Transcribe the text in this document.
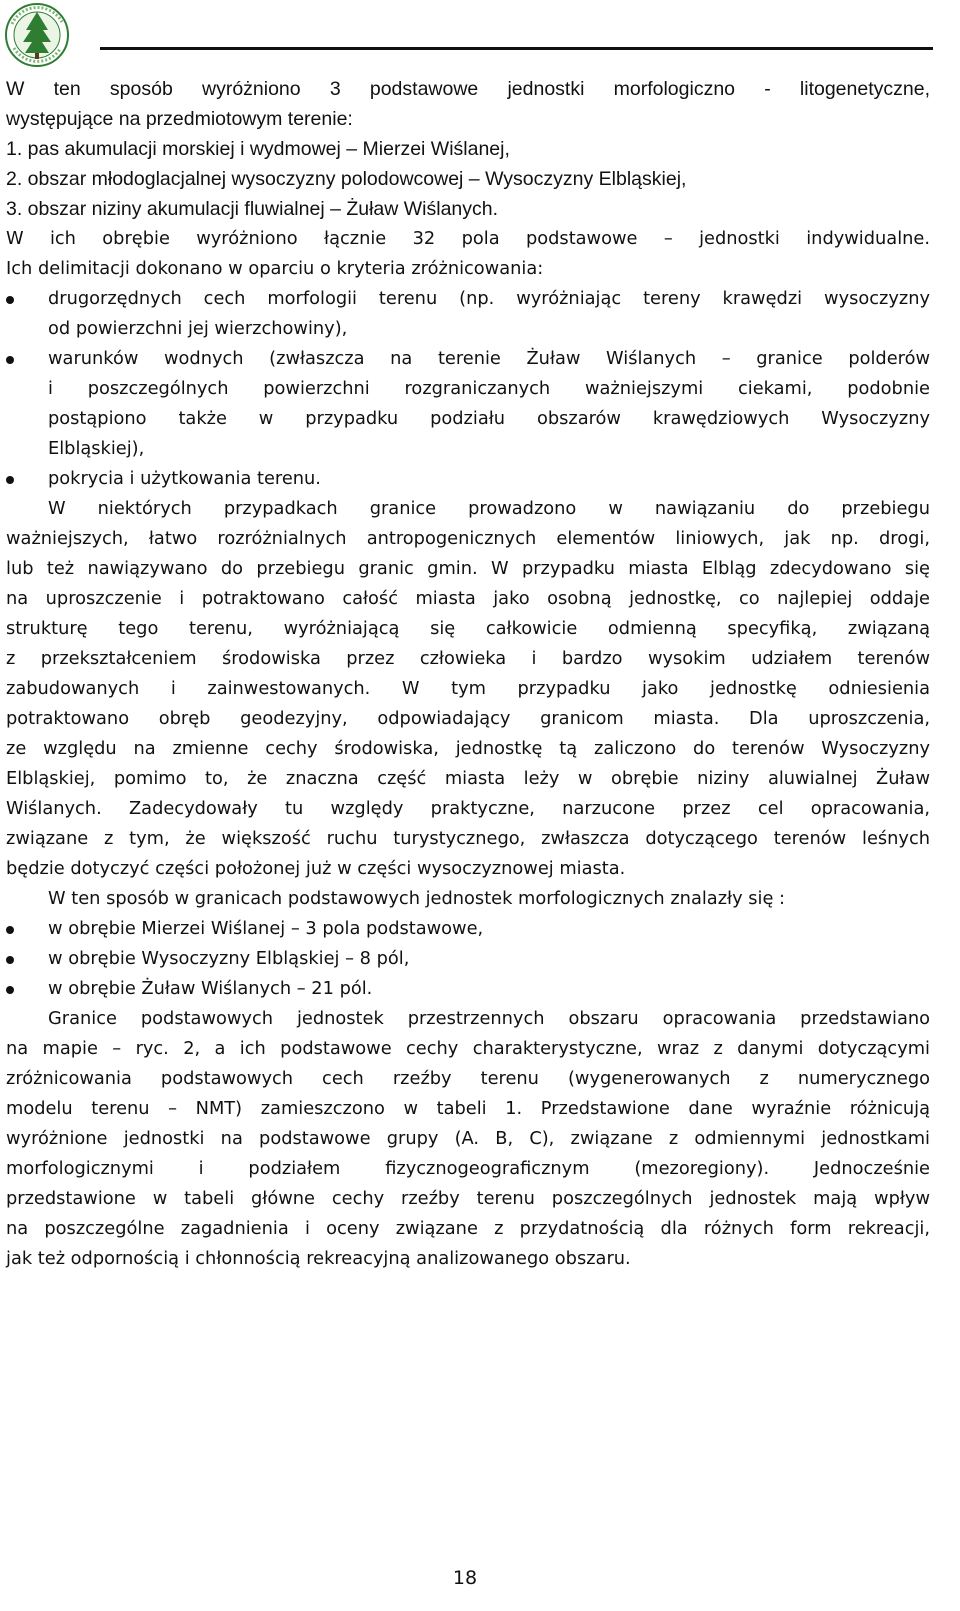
W ten sposób wyróżniono 3 podstawowe jednostki morfologiczno - litogenetyczne,
występujące na przedmiotowym terenie:
1. pas akumulacji morskiej i wydmowej – Mierzei Wiślanej,
2. obszar młodoglacjalnej wysoczyzny polodowcowej – Wysoczyzny Elbląskiej,
3. obszar niziny akumulacji fluwialnej – Żuław Wiślanych.
W ich obrębie wyróżniono łącznie 32 pola podstawowe – jednostki indywidualne.
Ich delimitacji dokonano w oparciu o kryteria zróżnicowania:
drugorzędnych cech morfologii terenu (np. wyróżniając tereny krawędzi wysoczyzny
od powierzchni jej wierzchowiny),
warunków wodnych (zwłaszcza na terenie Żuław Wiślanych – granice polderów
i poszczególnych powierzchni rozgraniczanych ważniejszymi ciekami, podobnie
postąpiono także w przypadku podziału obszarów krawędziowych Wysoczyzny
Elbląskiej),
pokrycia i użytkowania terenu.
W niektórych przypadkach granice prowadzono w nawiązaniu do przebiegu
ważniejszych, łatwo rozróżnialnych antropogenicznych elementów liniowych, jak np. drogi,
lub też nawiązywano do przebiegu granic gmin. W przypadku miasta Elbląg zdecydowano się
na uproszczenie i potraktowano całość miasta jako osobną jednostkę, co najlepiej oddaje
strukturę tego terenu, wyróżniającą się całkowicie odmienną specyfiką, związaną
z przekształceniem środowiska przez człowieka i bardzo wysokim udziałem terenów
zabudowanych i zainwestowanych. W tym przypadku jako jednostkę odniesienia
potraktowano obręb geodezyjny, odpowiadający granicom miasta. Dla uproszczenia,
ze względu na zmienne cechy środowiska, jednostkę tą zaliczono do terenów Wysoczyzny
Elbląskiej, pomimo to, że znaczna część miasta leży w obrębie niziny aluwialnej Żuław
Wiślanych. Zadecydowały tu względy praktyczne, narzucone przez cel opracowania,
związane z tym, że większość ruchu turystycznego, zwłaszcza dotyczącego terenów leśnych
będzie dotyczyć części położonej już w części wysoczyznowej miasta.
W ten sposób w granicach podstawowych jednostek morfologicznych znalazły się :
w obrębie Mierzei Wiślanej – 3 pola podstawowe,
w obrębie Wysoczyzny Elbląskiej – 8 pól,
w obrębie Żuław Wiślanych – 21 pól.
Granice podstawowych jednostek przestrzennych obszaru opracowania przedstawiano
na mapie – ryc. 2, a ich podstawowe cechy charakterystyczne, wraz z danymi dotyczącymi
zróżnicowania podstawowych cech rzeźby terenu (wygenerowanych z numerycznego
modelu terenu – NMT) zamieszczono w tabeli 1. Przedstawione dane wyraźnie różnicują
wyróżnione jednostki na podstawowe grupy (A. B, C), związane z odmiennymi jednostkami
morfologicznymi i podziałem fizycznogeograficznym (mezoregiony). Jednocześnie
przedstawione w tabeli główne cechy rzeźby terenu poszczególnych jednostek mają wpływ
na poszczególne zagadnienia i oceny związane z przydatnością dla różnych form rekreacji,
jak też odpornością i chłonnością rekreacyjną analizowanego obszaru.
18
